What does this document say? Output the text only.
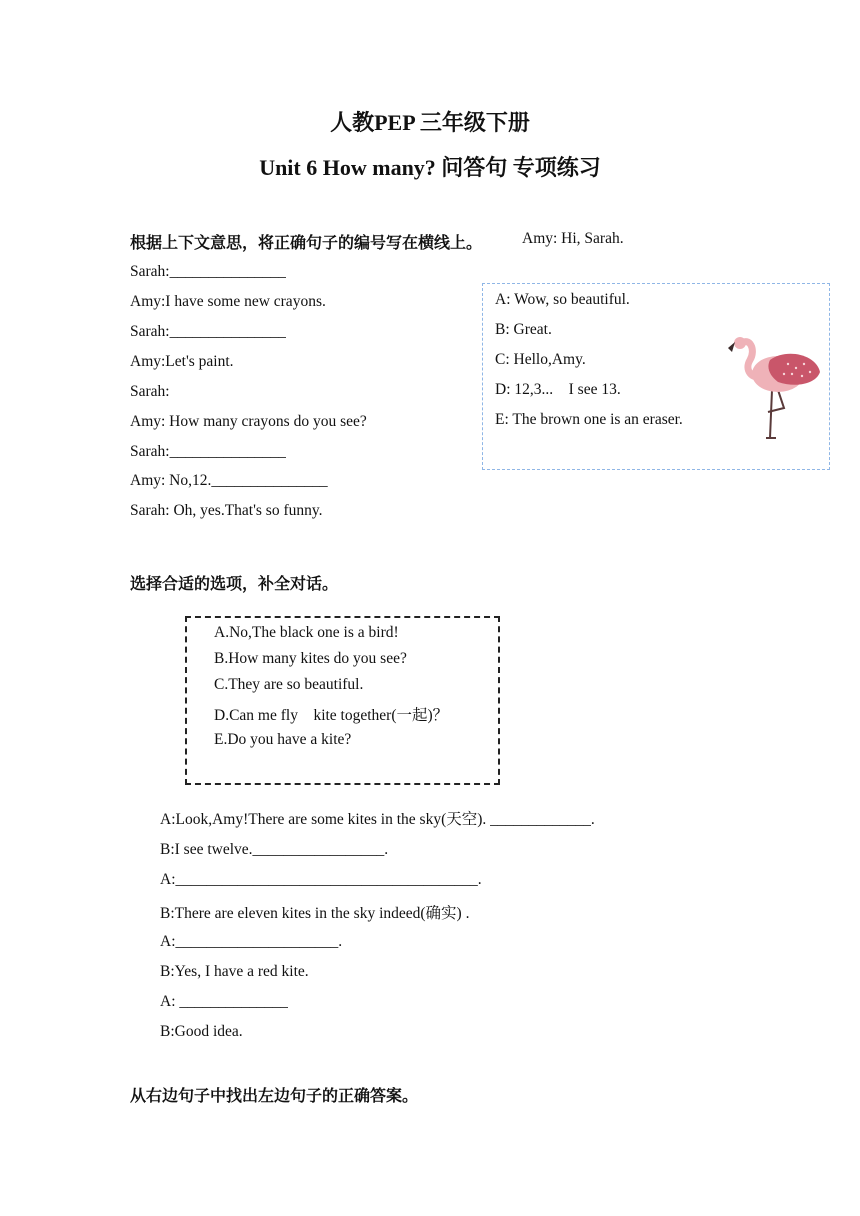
人教PEP 三年级下册
Unit 6 How many? 问答句 专项练习
根据上下文意思，将正确句子的编号写在横线上。	Amy: Hi, Sarah.
Sarah:_______________
Amy:I have some new crayons.
Sarah:_______________
Amy:Let's paint.
Sarah:
Amy: How many crayons do you see?
Sarah:_______________
Amy: No,12._______________
Sarah: Oh, yes.That's so funny.
A: Wow, so beautiful.
B: Great.
C: Hello,Amy.
D: 12,3...    I see 13.
E: The brown one is an eraser.
选择合适的选项，补全对话。
A.No,The black one is a bird!
B.How many kites do you see?
C.They are so beautiful.
D.Can me fly    kite together(一起)？
E.Do you have a kite?
A:Look,Amy!There are some kites in the sky(天空). _____________.
B:I see twelve._________________.
A:_______________________________________.
B:There are eleven kites in the sky indeed(确实) .
A:_____________________.
B:Yes, I have a red kite.
A: ______________
B:Good idea.
从右边句子中找出左边句子的正确答案。
